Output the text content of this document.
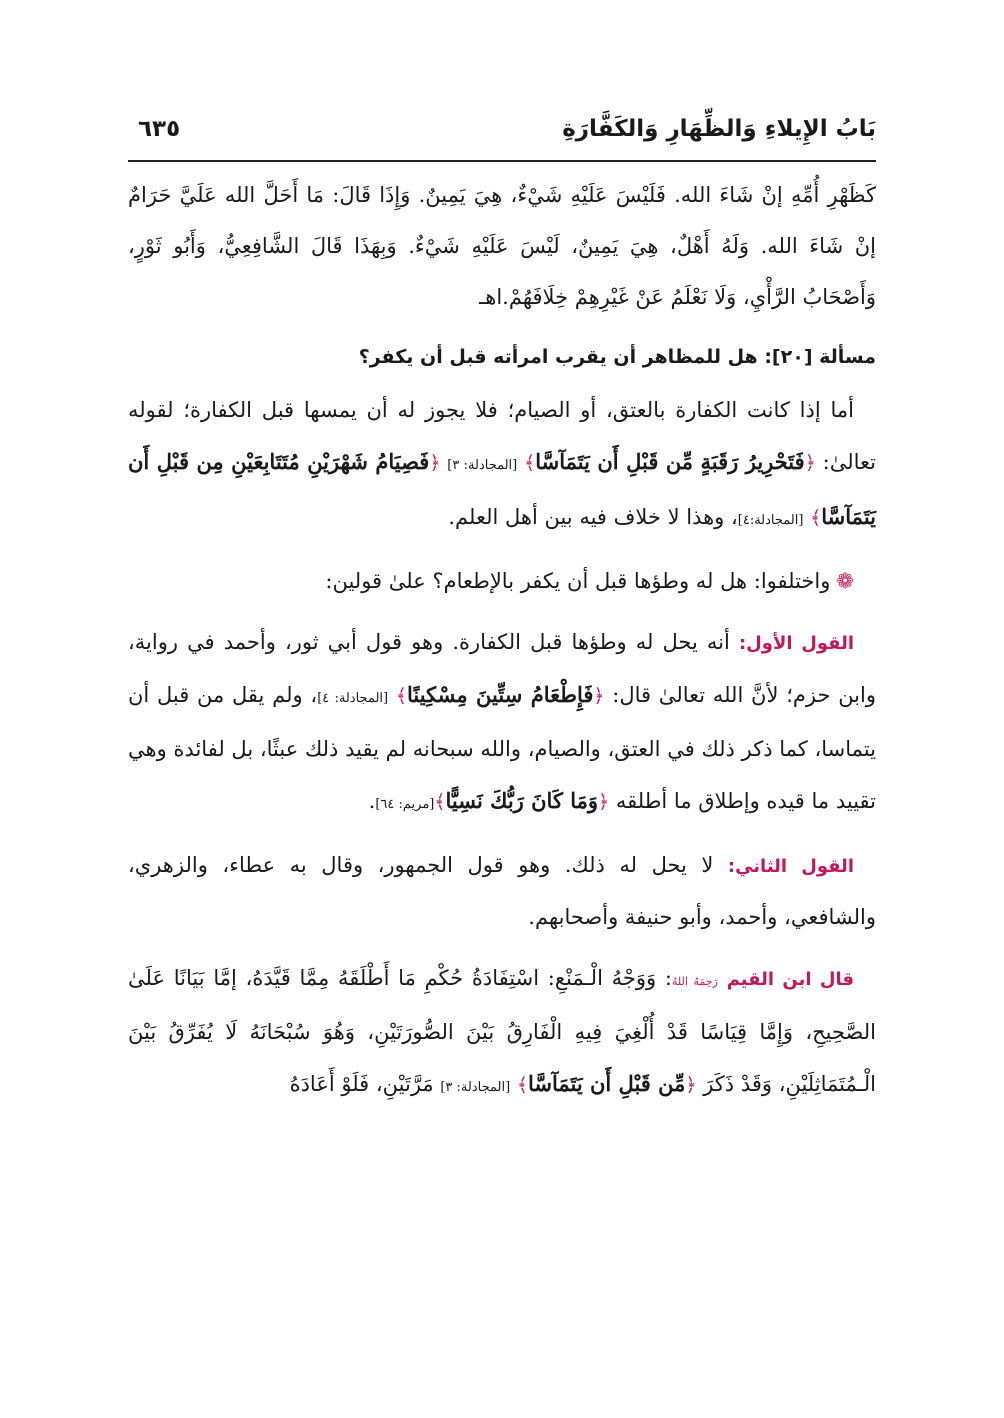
بَابُ الإِيلاءِ وَالظِّهَارِ وَالكَفَّارَةِ
٦٣٥

كَظَهْرِ أُمِّهِ إنْ شَاءَ الله. فَلَيْسَ عَلَيْهِ شَيْءٌ، هِيَ يَمِينٌ. وَإِذَا قَالَ: مَا أَحَلَّ الله عَلَيَّ حَرَامٌ إنْ شَاءَ الله. وَلَهُ أَهْلٌ، هِيَ يَمِينٌ، لَيْسَ عَلَيْهِ شَيْءٌ. وَبِهَذَا قَالَ الشَّافِعِيُّ، وَأَبُو ثَوْرٍ، وَأَصْحَابُ الرَّأْيِ، وَلَا نَعْلَمُ عَنْ غَيْرِهِمْ خِلَافَهُمْ.اهـ

مسألة [٢٠]: هل للمظاهر أن يقرب امرأته قبل أن يكفر؟

أما إذا كانت الكفارة بالعتق، أو الصيام؛ فلا يجوز له أن يمسها قبل الكفارة؛ لقوله تعالىٰ: ﴿فَتَحْرِيرُ رَقَبَةٍ مِّن قَبْلِ أَن يَتَمَآسَّا﴾ [المجادلة: ٣] ﴿فَصِيَامُ شَهْرَيْنِ مُتَتَابِعَيْنِ مِن قَبْلِ أَن يَتَمَآسَّا﴾ [المجادلة:٤]، وهذا لا خلاف فيه بين أهل العلم.

❁واختلفوا: هل له وطؤها قبل أن يكفر بالإطعام؟ علىٰ قولين:

القول الأول: أنه يحل له وطؤها قبل الكفارة. وهو قول أبي ثور، وأحمد في رواية، وابن حزم؛ لأنَّ الله تعالىٰ قال: ﴿فَإِطْعَامُ سِتِّينَ مِسْكِينًا﴾ [المجادلة: ٤]، ولم يقل من قبل أن يتماسا، كما ذكر ذلك في العتق، والصيام، والله سبحانه لم يقيد ذلك عبثًا، بل لفائدة وهي تقييد ما قيده وإطلاق ما أطلقه ﴿وَمَا كَانَ رَبُّكَ نَسِيًّا﴾[مريم: ٦٤].

القول الثاني: لا يحل له ذلك. وهو قول الجمهور، وقال به عطاء، والزهري، والشافعي، وأحمد، وأبو حنيفة وأصحابهم.

قال ابن القيم رَحِمَهُ اللهُ: وَوَجْهُ الْـمَنْعِ: اسْتِفَادَةُ حُكْمِ مَا أَطْلَقَهُ مِمَّا قَيَّدَهُ، إمَّا بَيَانًا عَلَىٰ الصَّحِيحِ، وَإِمَّا قِيَاسًا قَدْ أُلْغِيَ فِيهِ الْفَارِقُ بَيْنَ الصُّورَتَيْنِ، وَهُوَ سُبْحَانَهُ لَا يُفَرِّقُ بَيْنَ الْـمُتَمَاثِلَيْنِ، وَقَدْ ذَكَرَ ﴿مِّن قَبْلِ أَن يَتَمَآسَّا﴾ [المجادلة: ٣] مَرَّتَيْنِ، فَلَوْ أَعَادَهُ
